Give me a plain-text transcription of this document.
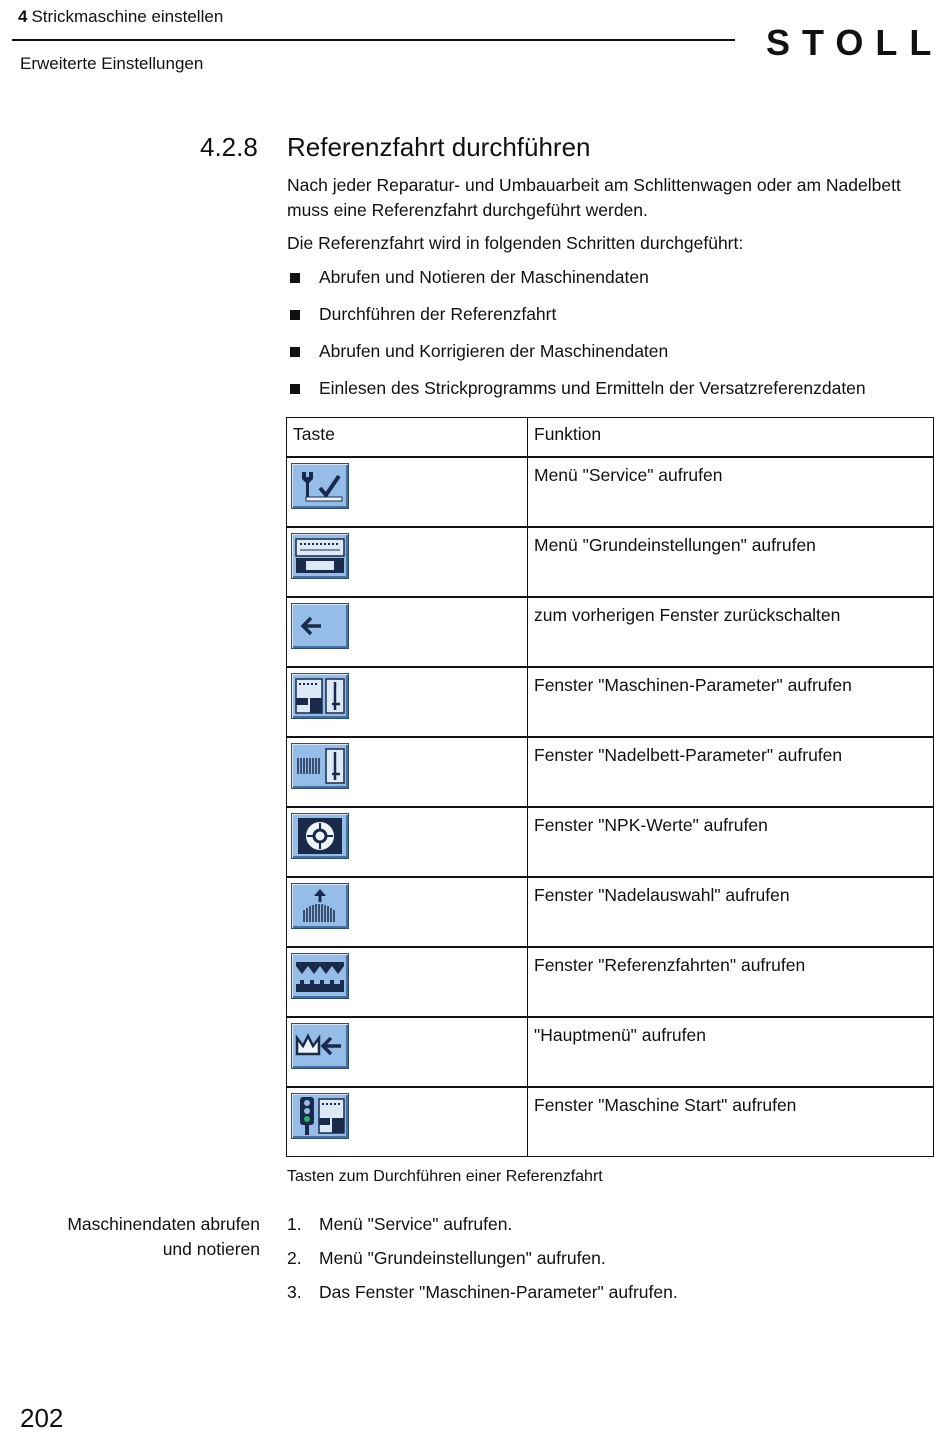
4 Strickmaschine einstellen
Erweiterte Einstellungen
STOLL
4.2.8 Referenzfahrt durchführen
Nach jeder Reparatur- und Umbauarbeit am Schlittenwagen oder am Nadelbett muss eine Referenzfahrt durchgeführt werden.
Die Referenzfahrt wird in folgenden Schritten durchgeführt:
Abrufen und Notieren der Maschinendaten
Durchführen der Referenzfahrt
Abrufen und Korrigieren der Maschinendaten
Einlesen des Strickprogramms und Ermitteln der Versatzreferenzdaten
Taste	Funktion

	Menü "Service" aufrufen

	Menü "Grundeinstellungen" aufrufen

	zum vorherigen Fenster zurückschalten

	Fenster "Maschinen-Parameter" aufrufen

	Fenster "Nadelbett-Parameter" aufrufen

	Fenster "NPK-Werte" aufrufen

	Fenster "Nadelauswahl" aufrufen

	Fenster "Referenzfahrten" aufrufen

	"Hauptmenü" aufrufen

	Fenster "Maschine Start" aufrufen
Tasten zum Durchführen einer Referenzfahrt
Maschinendaten abrufen
und notieren
1. Menü "Service" aufrufen.
2. Menü "Grundeinstellungen" aufrufen.
3. Das Fenster "Maschinen-Parameter" aufrufen.
202
